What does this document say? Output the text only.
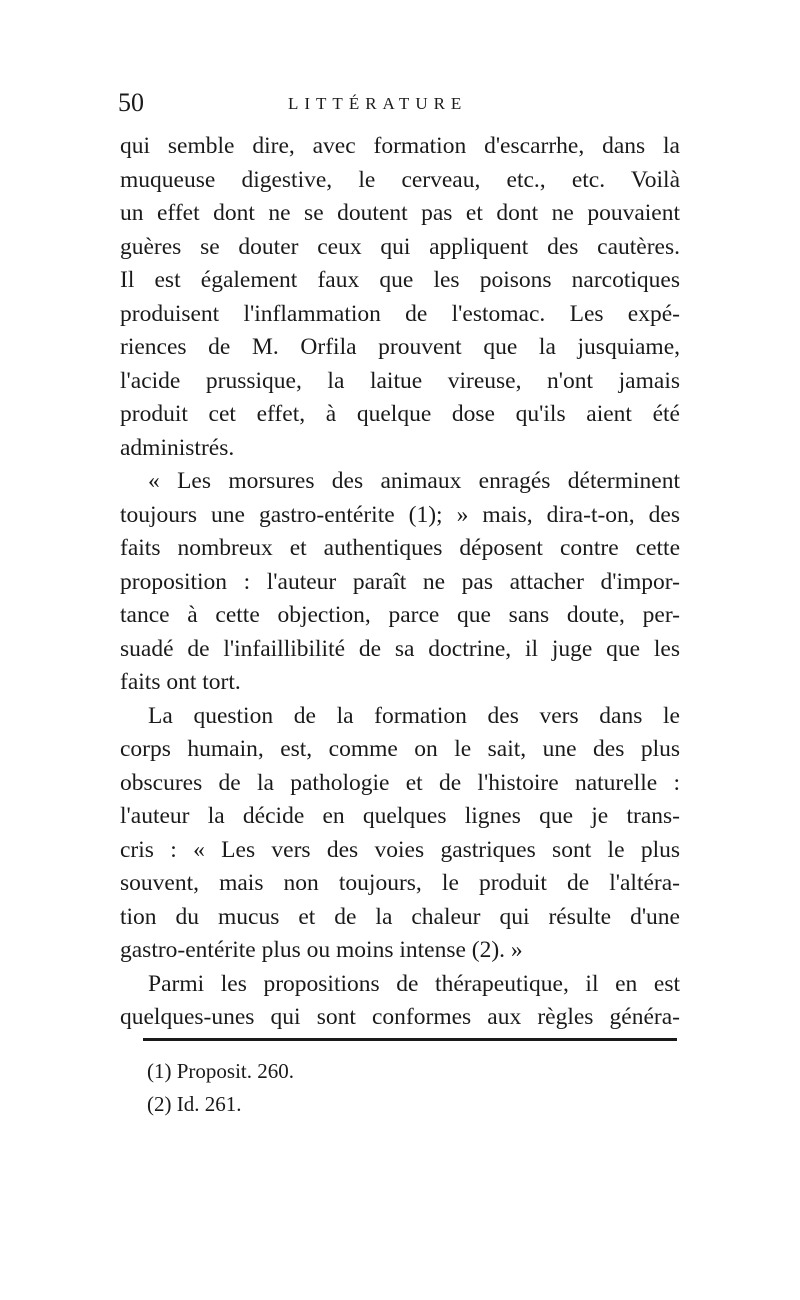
50	LITTÉRATURE
qui semble dire, avec formation d'escarrhe, dans la
muqueuse digestive, le cerveau, etc., etc. Voilà
un effet dont ne se doutent pas et dont ne pouvaient
guères se douter ceux qui appliquent des cautères.
Il est également faux que les poisons narcotiques
produisent l'inflammation de l'estomac. Les expé-
riences de M. Orfila prouvent que la jusquiame,
l'acide prussique, la laitue vireuse, n'ont jamais
produit cet effet, à quelque dose qu'ils aient été
administrés.
« Les morsures des animaux enragés déterminent
toujours une gastro-entérite (1); » mais, dira-t-on, des
faits nombreux et authentiques déposent contre cette
proposition : l'auteur paraît ne pas attacher d'impor-
tance à cette objection, parce que sans doute, per-
suadé de l'infaillibilité de sa doctrine, il juge que les
faits ont tort.
La question de la formation des vers dans le
corps humain, est, comme on le sait, une des plus
obscures de la pathologie et de l'histoire naturelle :
l'auteur la décide en quelques lignes que je trans-
cris : « Les vers des voies gastriques sont le plus
souvent, mais non toujours, le produit de l'altéra-
tion du mucus et de la chaleur qui résulte d'une
gastro-entérite plus ou moins intense (2). »
Parmi les propositions de thérapeutique, il en est
quelques-unes qui sont conformes aux règles généra-
(1) Proposit. 260.
(2) Id. 261.
